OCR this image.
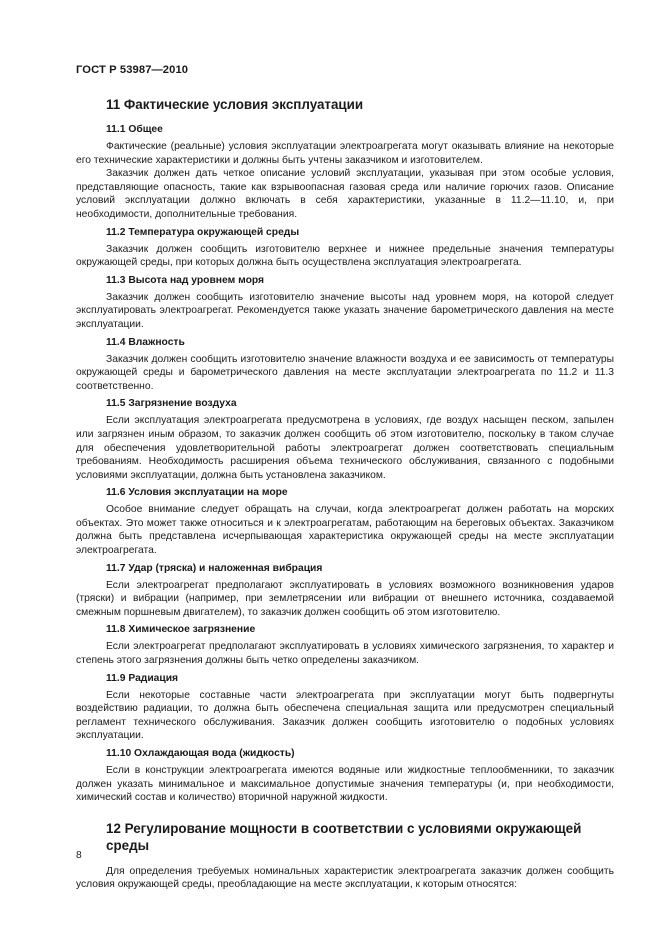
ГОСТ Р 53987—2010
11 Фактические условия эксплуатации
11.1 Общее

Фактические (реальные) условия эксплуатации электроагрегата могут оказывать влияние на некоторые его технические характеристики и должны быть учтены заказчиком и изготовителем.

Заказчик должен дать четкое описание условий эксплуатации, указывая при этом особые условия, представляющие опасность, такие как взрывоопасная газовая среда или наличие горючих газов. Описание условий эксплуатации должно включать в себя характеристики, указанные в 11.2—11.10, и, при необходимости, дополнительные требования.

11.2 Температура окружающей среды

Заказчик должен сообщить изготовителю верхнее и нижнее предельные значения температуры окружающей среды, при которых должна быть осуществлена эксплуатация электроагрегата.

11.3 Высота над уровнем моря

Заказчик должен сообщить изготовителю значение высоты над уровнем моря, на которой следует эксплуатировать электроагрегат. Рекомендуется также указать значение барометрического давления на месте эксплуатации.

11.4 Влажность

Заказчик должен сообщить изготовителю значение влажности воздуха и ее зависимость от температуры окружающей среды и барометрического давления на месте эксплуатации электроагрегата по 11.2 и 11.3 соответственно.

11.5 Загрязнение воздуха

Если эксплуатация электроагрегата предусмотрена в условиях, где воздух насыщен песком, запылен или загрязнен иным образом, то заказчик должен сообщить об этом изготовителю, поскольку в таком случае для обеспечения удовлетворительной работы электроагрегат должен соответствовать специальным требованиям. Необходимость расширения объема технического обслуживания, связанного с подобными условиями эксплуатации, должна быть установлена заказчиком.

11.6 Условия эксплуатации на море

Особое внимание следует обращать на случаи, когда электроагрегат должен работать на морских объектах. Это может также относиться и к электроагрегатам, работающим на береговых объектах. Заказчиком должна быть представлена исчерпывающая характеристика окружающей среды на месте эксплуатации электроагрегата.

11.7 Удар (тряска) и наложенная вибрация

Если электроагрегат предполагают эксплуатировать в условиях возможного возникновения ударов (тряски) и вибрации (например, при землетрясении или вибрации от внешнего источника, создаваемой смежным поршневым двигателем), то заказчик должен сообщить об этом изготовителю.

11.8 Химическое загрязнение

Если электроагрегат предполагают эксплуатировать в условиях химического загрязнения, то характер и степень этого загрязнения должны быть четко определены заказчиком.

11.9 Радиация

Если некоторые составные части электроагрегата при эксплуатации могут быть подвергнуты воздействию радиации, то должна быть обеспечена специальная защита или предусмотрен специальный регламент технического обслуживания. Заказчик должен сообщить изготовителю о подобных условиях эксплуатации.

11.10 Охлаждающая вода (жидкость)

Если в конструкции электроагрегата имеются водяные или жидкостные теплообменники, то заказчик должен указать минимальное и максимальное допустимые значения температуры (и, при необходимости, химический состав и количество) вторичной наружной жидкости.

12 Регулирование мощности в соответствии с условиями окружающей
среды

Для определения требуемых номинальных характеристик электроагрегата заказчик должен сообщить условия окружающей среды, преобладающие на месте эксплуатации, к которым относятся:

8
